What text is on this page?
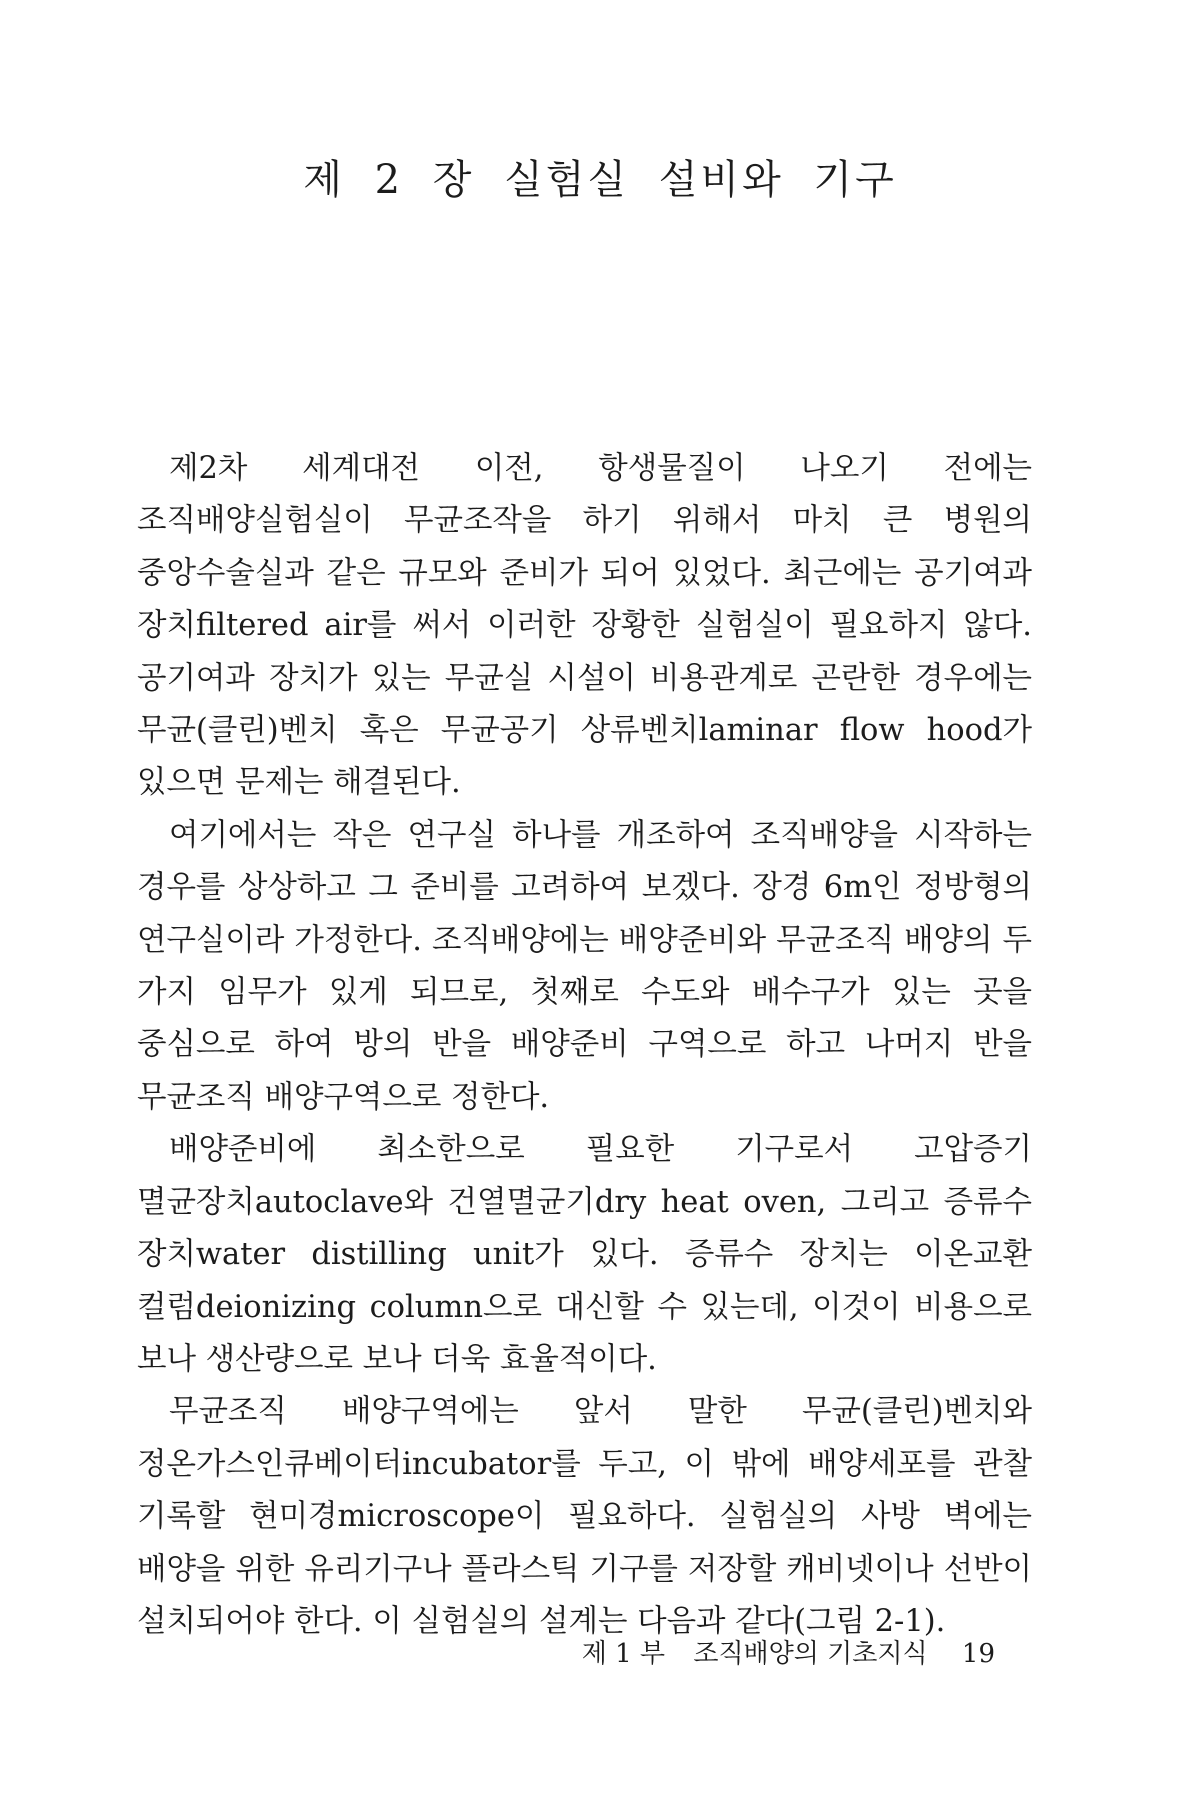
제 2 장 실험실 설비와 기구

제2차 세계대전 이전, 항생물질이 나오기 전에는 조직배양실험실이 무균조작을 하기 위해서 마치 큰 병원의 중앙수술실과 같은 규모와 준비가 되어 있었다. 최근에는 공기여과 장치filtered air를 써서 이러한 장황한 실험실이 필요하지 않다. 공기여과 장치가 있는 무균실 시설이 비용관계로 곤란한 경우에는 무균(클린)벤치 혹은 무균공기 상류벤치laminar flow hood가 있으면 문제는 해결된다.

여기에서는 작은 연구실 하나를 개조하여 조직배양을 시작하는 경우를 상상하고 그 준비를 고려하여 보겠다. 장경 6m인 정방형의 연구실이라 가정한다. 조직배양에는 배양준비와 무균조직 배양의 두 가지 임무가 있게 되므로, 첫째로 수도와 배수구가 있는 곳을 중심으로 하여 방의 반을 배양준비 구역으로 하고 나머지 반을 무균조직 배양구역으로 정한다.

배양준비에 최소한으로 필요한 기구로서 고압증기 멸균장치autoclave와 건열멸균기dry heat oven, 그리고 증류수 장치water distilling unit가 있다. 증류수 장치는 이온교환 컬럼deionizing column으로 대신할 수 있는데, 이것이 비용으로 보나 생산량으로 보나 더욱 효율적이다.

무균조직 배양구역에는 앞서 말한 무균(클린)벤치와 정온가스인큐베이터incubator를 두고, 이 밖에 배양세포를 관찰 기록할 현미경microscope이 필요하다. 실험실의 사방 벽에는 배양을 위한 유리기구나 플라스틱 기구를 저장할 캐비넷이나 선반이 설치되어야 한다. 이 실험실의 설계는 다음과 같다(그림 2-1).

제 1 부 조직배양의 기초지식 19
